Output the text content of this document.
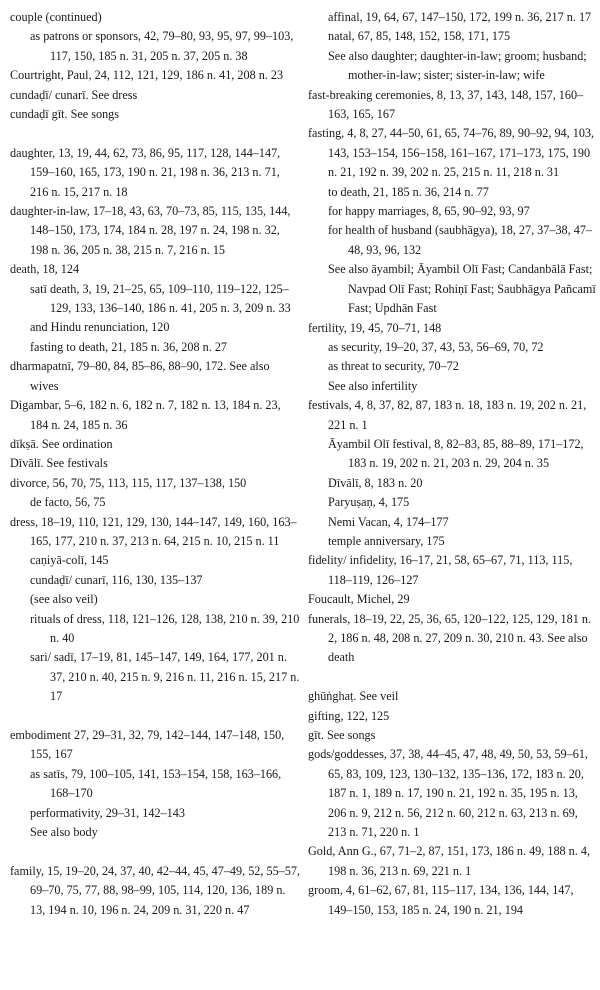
couple (continued)

as patrons or sponsors, 42, 79–80, 93, 95, 97, 99–103, 117, 150, 185 n. 31, 205 n. 37, 205 n. 38

Courtright, Paul, 24, 112, 121, 129, 186 n. 41, 208 n. 23

cundaḍī/ cunarī. See dress

cundaḍī gīt. See songs

daughter, 13, 19, 44, 62, 73, 86, 95, 117, 128, 144–147, 159–160, 165, 173, 190 n. 21, 198 n. 36, 213 n. 71, 216 n. 15, 217 n. 18

daughter-in-law, 17–18, 43, 63, 70–73, 85, 115, 135, 144, 148–150, 173, 174, 184 n. 28, 197 n. 24, 198 n. 32, 198 n. 36, 205 n. 38, 215 n. 7, 216 n. 15

death, 18, 124

satī death, 3, 19, 21–25, 65, 109–110, 119–122, 125–129, 133, 136–140, 186 n. 41, 205 n. 3, 209 n. 33

and Hindu renunciation, 120

fasting to death, 21, 185 n. 36, 208 n. 27

dharmapatnī, 79–80, 84, 85–86, 88–90, 172. See also wives

Digambar, 5–6, 182 n. 6, 182 n. 7, 182 n. 13, 184 n. 23, 184 n. 24, 185 n. 36

dīkṣā. See ordination

Dīvālī. See festivals

divorce, 56, 70, 75, 113, 115, 117, 137–138, 150

de facto, 56, 75

dress, 18–19, 110, 121, 129, 130, 144–147, 149, 160, 163–165, 177, 210 n. 37, 213 n. 64, 215 n. 10, 215 n. 11

caṇiyā-colī, 145

cundaḍī/ cunarī, 116, 130, 135–137

(see also veil)

rituals of dress, 118, 121–126, 128, 138, 210 n. 39, 210 n. 40

sari/ sadī, 17–19, 81, 145–147, 149, 164, 177, 201 n. 37, 210 n. 40, 215 n. 9, 216 n. 11, 216 n. 15, 217 n. 17

embodiment 27, 29–31, 32, 79, 142–144, 147–148, 150, 155, 167

as satīs, 79, 100–105, 141, 153–154, 158, 163–166, 168–170

performativity, 29–31, 142–143

See also body

family, 15, 19–20, 24, 37, 40, 42–44, 45, 47–49, 52, 55–57, 69–70, 75, 77, 88, 98–99, 105, 114, 120, 136, 189 n. 13, 194 n. 10, 196 n. 24, 209 n. 31, 220 n. 47

affinal, 19, 64, 67, 147–150, 172, 199 n. 36, 217 n. 17

natal, 67, 85, 148, 152, 158, 171, 175

See also daughter; daughter-in-law; groom; husband; mother-in-law; sister; sister-in-law; wife

fast-breaking ceremonies, 8, 13, 37, 143, 148, 157, 160–163, 165, 167

fasting, 4, 8, 27, 44–50, 61, 65, 74–76, 89, 90–92, 94, 103, 143, 153–154, 156–158, 161–167, 171–173, 175, 190 n. 21, 192 n. 39, 202 n. 25, 215 n. 11, 218 n. 31

to death, 21, 185 n. 36, 214 n. 77

for happy marriages, 8, 65, 90–92, 93, 97

for health of husband (saubhāgya), 18, 27, 37–38, 47–48, 93, 96, 132

See also āyambil; Āyambil Olī Fast; Candanbālā Fast; Navpad Olī Fast; Rohiṇī Fast; Saubhāgya Pañcamī Fast; Updhān Fast

fertility, 19, 45, 70–71, 148

as security, 19–20, 37, 43, 53, 56–69, 70, 72

as threat to security, 70–72

See also infertility

festivals, 4, 8, 37, 82, 87, 183 n. 18, 183 n. 19, 202 n. 21, 221 n. 1

Āyambil Olī festival, 8, 82–83, 85, 88–89, 171–172, 183 n. 19, 202 n. 21, 203 n. 29, 204 n. 35

Dīvālī, 8, 183 n. 20

Paryuṣaṇ, 4, 175

Nemi Vacan, 4, 174–177

temple anniversary, 175

fidelity/ infidelity, 16–17, 21, 58, 65–67, 71, 113, 115, 118–119, 126–127

Foucault, Michel, 29

funerals, 18–19, 22, 25, 36, 65, 120–122, 125, 129, 181 n. 2, 186 n. 48, 208 n. 27, 209 n. 30, 210 n. 43. See also death

ghūṅghaṭ. See veil

gifting, 122, 125

gīt. See songs

gods/goddesses, 37, 38, 44–45, 47, 48, 49, 50, 53, 59–61, 65, 83, 109, 123, 130–132, 135–136, 172, 183 n. 20, 187 n. 1, 189 n. 17, 190 n. 21, 192 n. 35, 195 n. 13, 206 n. 9, 212 n. 56, 212 n. 60, 212 n. 63, 213 n. 69, 213 n. 71, 220 n. 1

Gold, Ann G., 67, 71–2, 87, 151, 173, 186 n. 49, 188 n. 4, 198 n. 36, 213 n. 69, 221 n. 1

groom, 4, 61–62, 67, 81, 115–117, 134, 136, 144, 147, 149–150, 153, 185 n. 24, 190 n. 21, 194
